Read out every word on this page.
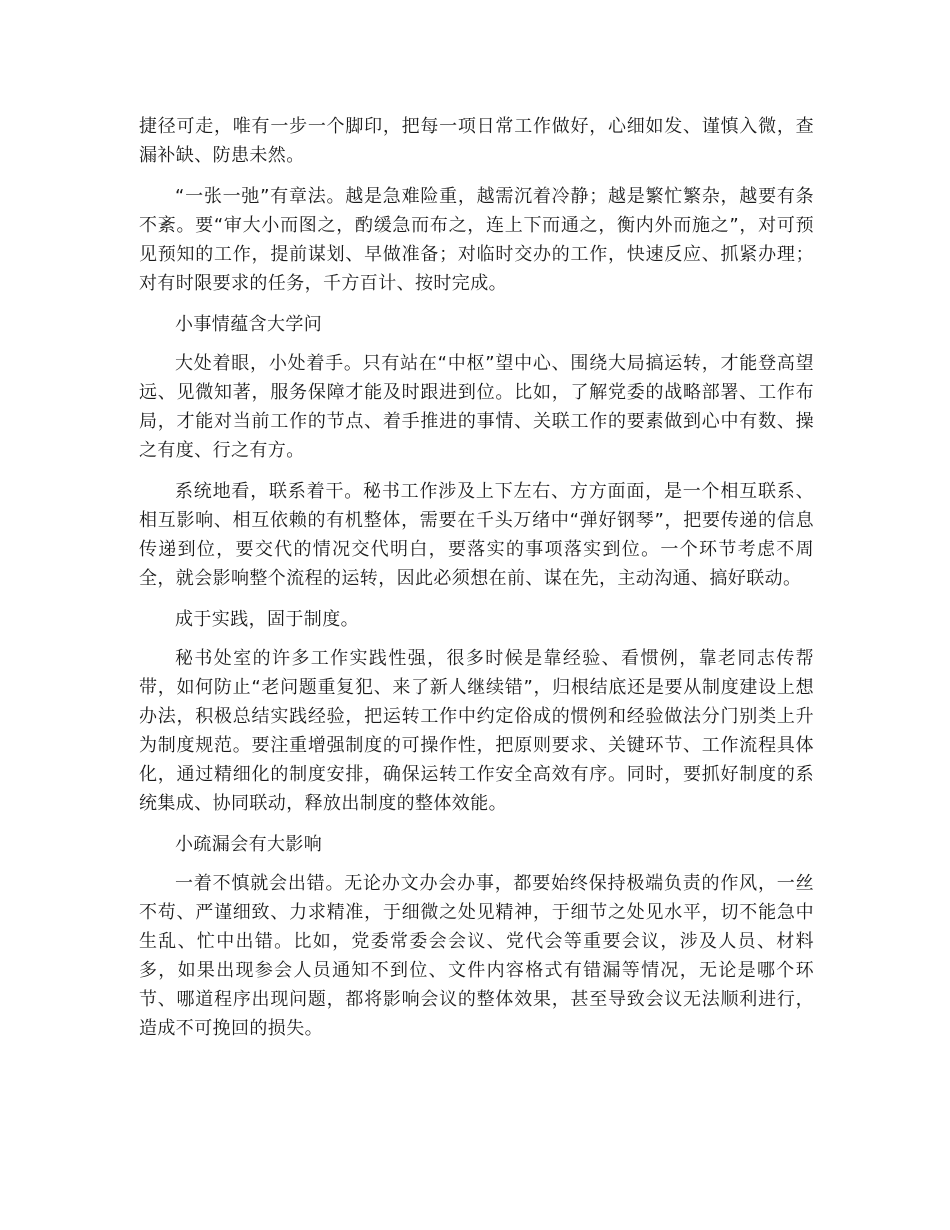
捷径可走，唯有一步一个脚印，把每一项日常工作做好，心细如发、谨慎入微，查漏补缺、防患未然。

“一张一弛”有章法。越是急难险重，越需沉着冷静；越是繁忙繁杂，越要有条不紊。要“审大小而图之，酌缓急而布之，连上下而通之，衡内外而施之”，对可预见预知的工作，提前谋划、早做准备；对临时交办的工作，快速反应、抓紧办理；对有时限要求的任务，千方百计、按时完成。

小事情蕴含大学问

大处着眼，小处着手。只有站在“中枢”望中心、围绕大局搞运转，才能登高望远、见微知著，服务保障才能及时跟进到位。比如，了解党委的战略部署、工作布局，才能对当前工作的节点、着手推进的事情、关联工作的要素做到心中有数、操之有度、行之有方。

系统地看，联系着干。秘书工作涉及上下左右、方方面面，是一个相互联系、相互影响、相互依赖的有机整体，需要在千头万绪中“弹好钢琴”，把要传递的信息传递到位，要交代的情况交代明白，要落实的事项落实到位。一个环节考虑不周全，就会影响整个流程的运转，因此必须想在前、谋在先，主动沟通、搞好联动。

成于实践，固于制度。

秘书处室的许多工作实践性强，很多时候是靠经验、看惯例，靠老同志传帮带，如何防止“老问题重复犯、来了新人继续错”，归根结底还是要从制度建设上想办法，积极总结实践经验，把运转工作中约定俗成的惯例和经验做法分门别类上升为制度规范。要注重增强制度的可操作性，把原则要求、关键环节、工作流程具体化，通过精细化的制度安排，确保运转工作安全高效有序。同时，要抓好制度的系统集成、协同联动，释放出制度的整体效能。

小疏漏会有大影响

一着不慎就会出错。无论办文办会办事，都要始终保持极端负责的作风，一丝不苟、严谨细致、力求精准，于细微之处见精神，于细节之处见水平，切不能急中生乱、忙中出错。比如，党委常委会会议、党代会等重要会议，涉及人员、材料多，如果出现参会人员通知不到位、文件内容格式有错漏等情况，无论是哪个环节、哪道程序出现问题，都将影响会议的整体效果，甚至导致会议无法顺利进行，造成不可挽回的损失。
